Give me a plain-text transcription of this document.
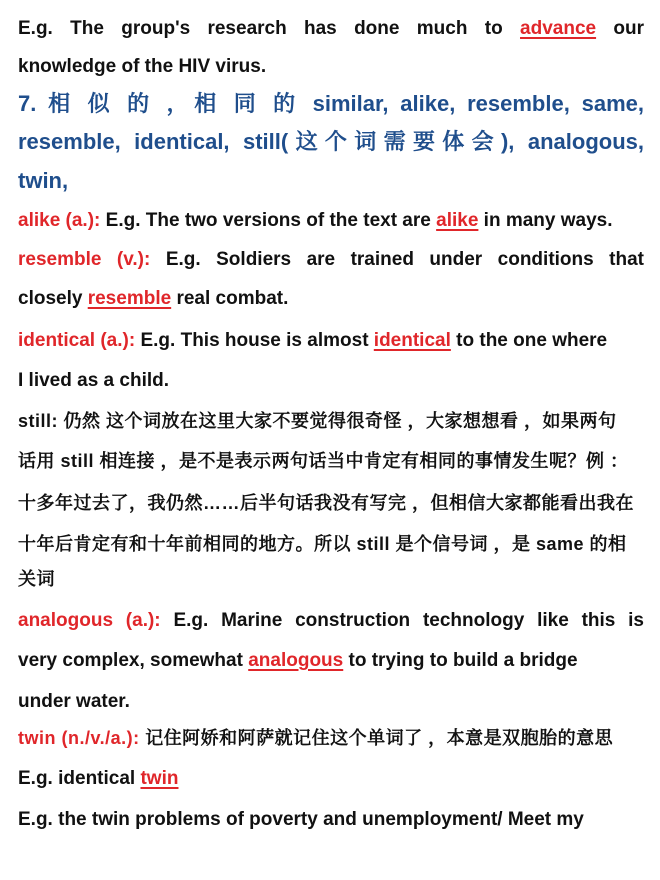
E.g. The group's research has done much to advance our
knowledge of the HIV virus.
7. 相 似 的 ，相 同 的 similar, alike, resemble, same,
resemble, identical, still(这个词需要体会), analogous,
twin,
alike (a.): E.g. The two versions of the text are alike in many ways.
resemble (v.): E.g. Soldiers are trained under conditions that
closely resemble real combat.
identical (a.): E.g. This house is almost identical to the one where
I lived as a child.
still: 仍然 这个词放在这里大家不要觉得很奇怪 ，大家想想看 ，如果两句
话用 still 相连接 ，是不是表示两句话当中肯定有相同的事情发生呢？例 ：
十多年过去了，我仍然……后半句话我没有写完 ，但相信大家都能看出我在
十年后肯定有和十年前相同的地方。所以 still 是个信号词 ，是 same 的相
关词
analogous (a.): E.g. Marine construction technology like this is
very complex, somewhat analogous to trying to build a bridge
under water.
twin (n./v./a.): 记住阿娇和阿萨就记住这个单词了 ，本意是双胞胎的意思
E.g. identical twin
E.g. the twin problems of poverty and unemployment/ Meet my
